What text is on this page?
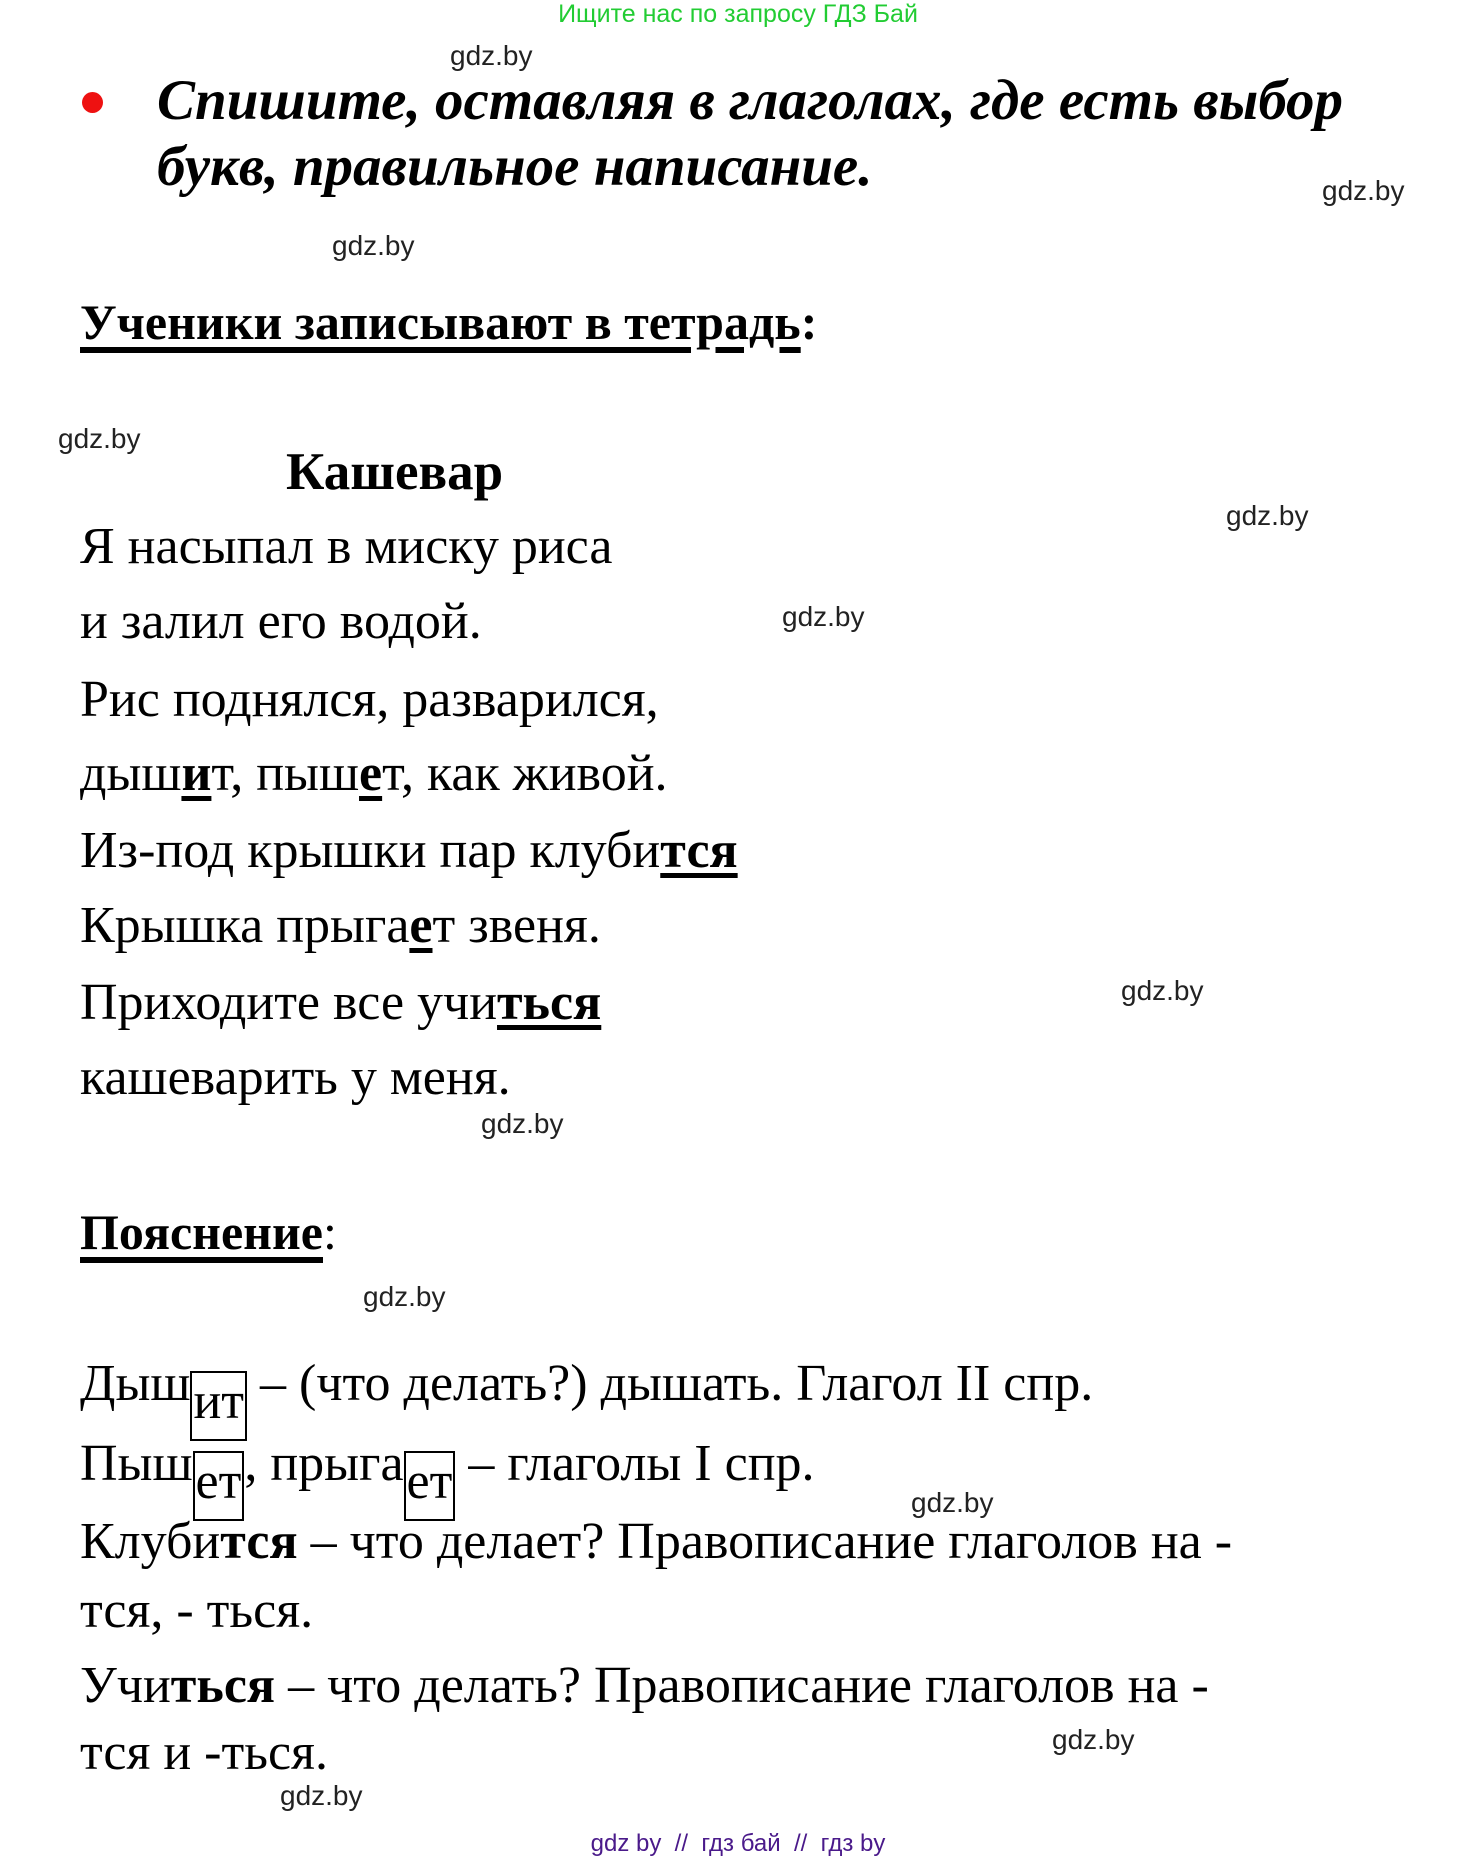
Ищите нас по запросу ГДЗ Бай
gdz.by
gdz.by
gdz.by
gdz.by
gdz.by
gdz.by
gdz.by
gdz.by
gdz.by
gdz.by
gdz.by
gdz.by
Спишите, оставляя в глаголах, где есть выбор
букв, правильное написание.
Ученики записывают в тетрадь:
Кашевар
Я насыпал в миску риса
и залил его водой.
Рис поднялся, разварился,
дышит, пышет, как живой.
Из-под крышки пар клубится
Крышка прыгает звеня.
Приходите все учиться
кашеварить у меня.
Пояснение:
Дышит – (что делать?) дышать. Глагол II спр.
Пышет, прыгает – глаголы I спр.
Клубится – что делает? Правописание глаголов на -
тся, - ться.
Учиться – что делать? Правописание глаголов на -
тся и -ться.
gdz by  //  гдз бай  //  гдз by
